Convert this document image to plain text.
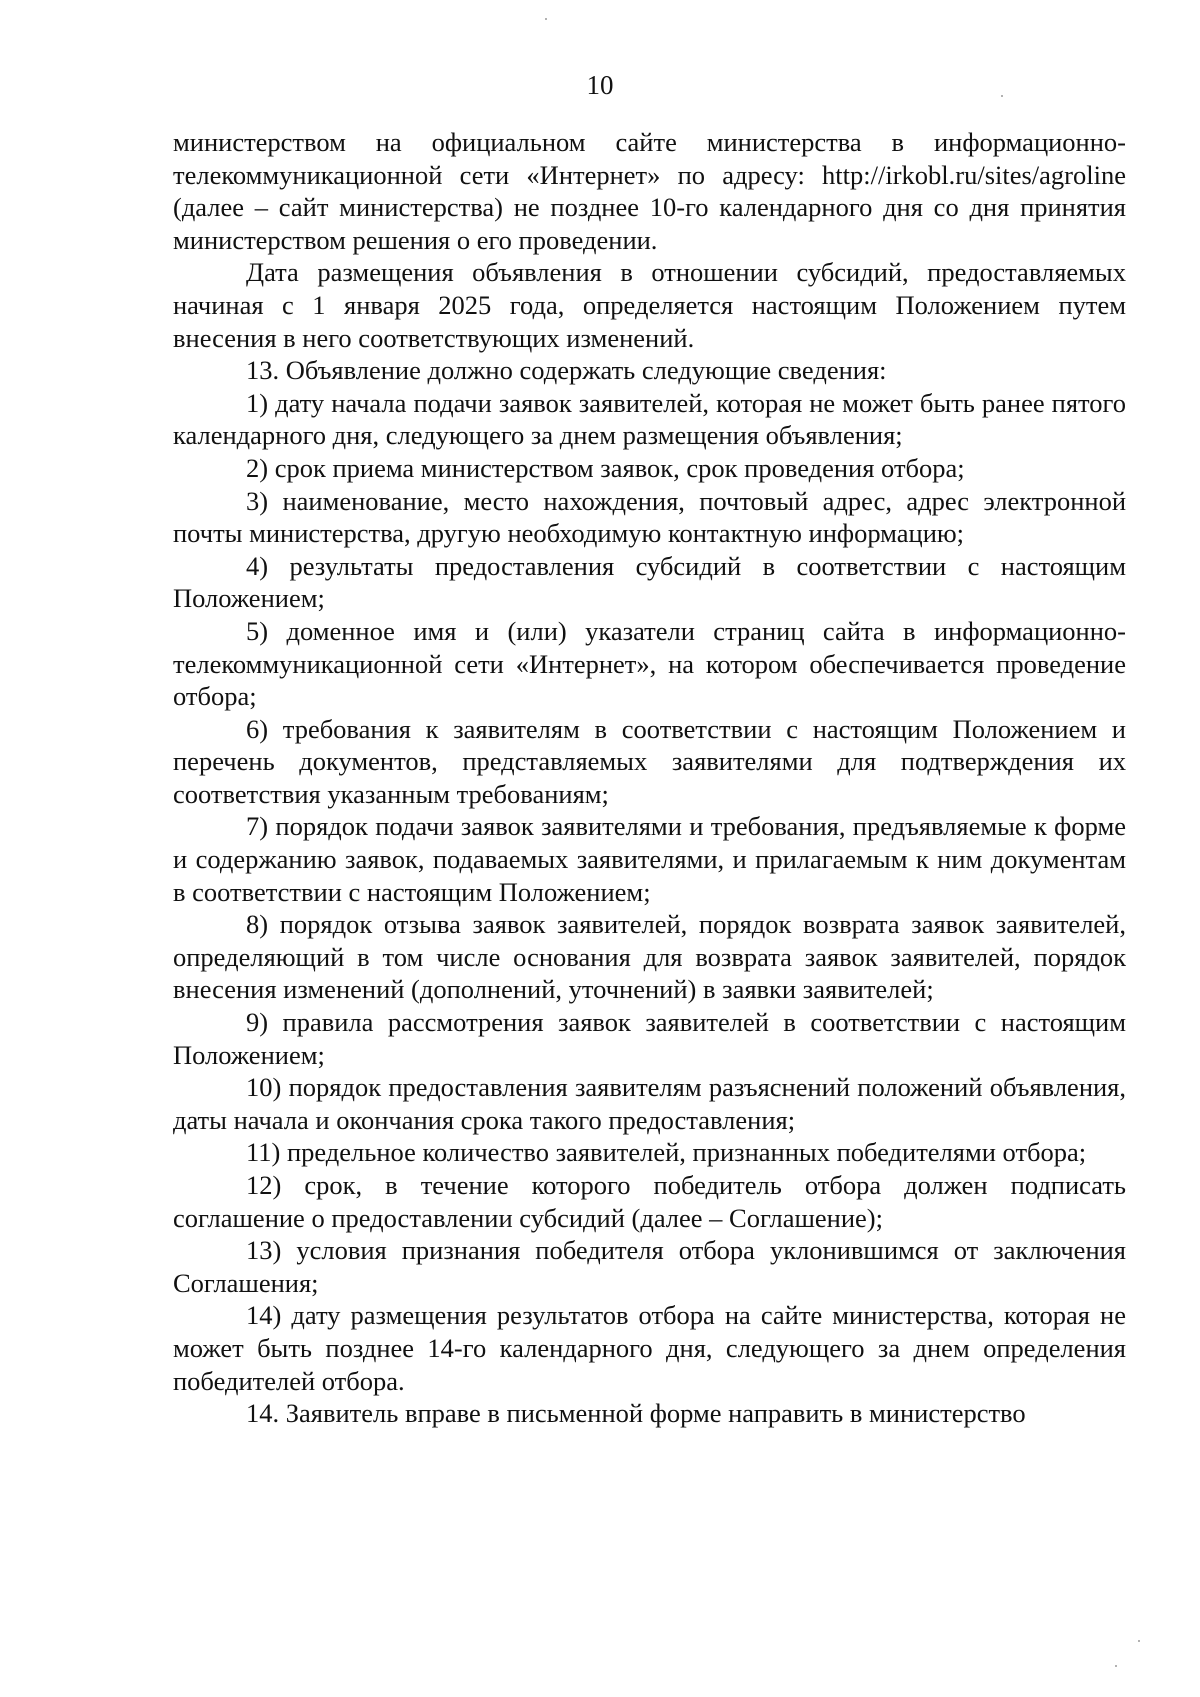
10

министерством на официальном сайте министерства в информационно-телекоммуникационной сети «Интернет» по адресу: http://irkobl.ru/sites/agroline (далее – сайт министерства) не позднее 10-го календарного дня со дня принятия министерством решения о его проведении.

Дата размещения объявления в отношении субсидий, предоставляемых начиная с 1 января 2025 года, определяется настоящим Положением путем внесения в него соответствующих изменений.

13. Объявление должно содержать следующие сведения:

1) дату начала подачи заявок заявителей, которая не может быть ранее пятого календарного дня, следующего за днем размещения объявления;

2) срок приема министерством заявок, срок проведения отбора;

3) наименование, место нахождения, почтовый адрес, адрес электронной почты министерства, другую необходимую контактную информацию;

4) результаты предоставления субсидий в соответствии с настоящим Положением;

5) доменное имя и (или) указатели страниц сайта в информационно-телекоммуникационной сети «Интернет», на котором обеспечивается проведение отбора;

6) требования к заявителям в соответствии с настоящим Положением и перечень документов, представляемых заявителями для подтверждения их соответствия указанным требованиям;

7) порядок подачи заявок заявителями и требования, предъявляемые к форме и содержанию заявок, подаваемых заявителями, и прилагаемым к ним документам в соответствии с настоящим Положением;

8) порядок отзыва заявок заявителей, порядок возврата заявок заявителей, определяющий в том числе основания для возврата заявок заявителей, порядок внесения изменений (дополнений, уточнений) в заявки заявителей;

9) правила рассмотрения заявок заявителей в соответствии с настоящим Положением;

10) порядок предоставления заявителям разъяснений положений объявления, даты начала и окончания срока такого предоставления;

11) предельное количество заявителей, признанных победителями отбора;

12) срок, в течение которого победитель отбора должен подписать соглашение о предоставлении субсидий (далее – Соглашение);

13) условия признания победителя отбора уклонившимся от заключения Соглашения;

14) дату размещения результатов отбора на сайте министерства, которая не может быть позднее 14-го календарного дня, следующего за днем определения победителей отбора.

14. Заявитель вправе в письменной форме направить в министерство
